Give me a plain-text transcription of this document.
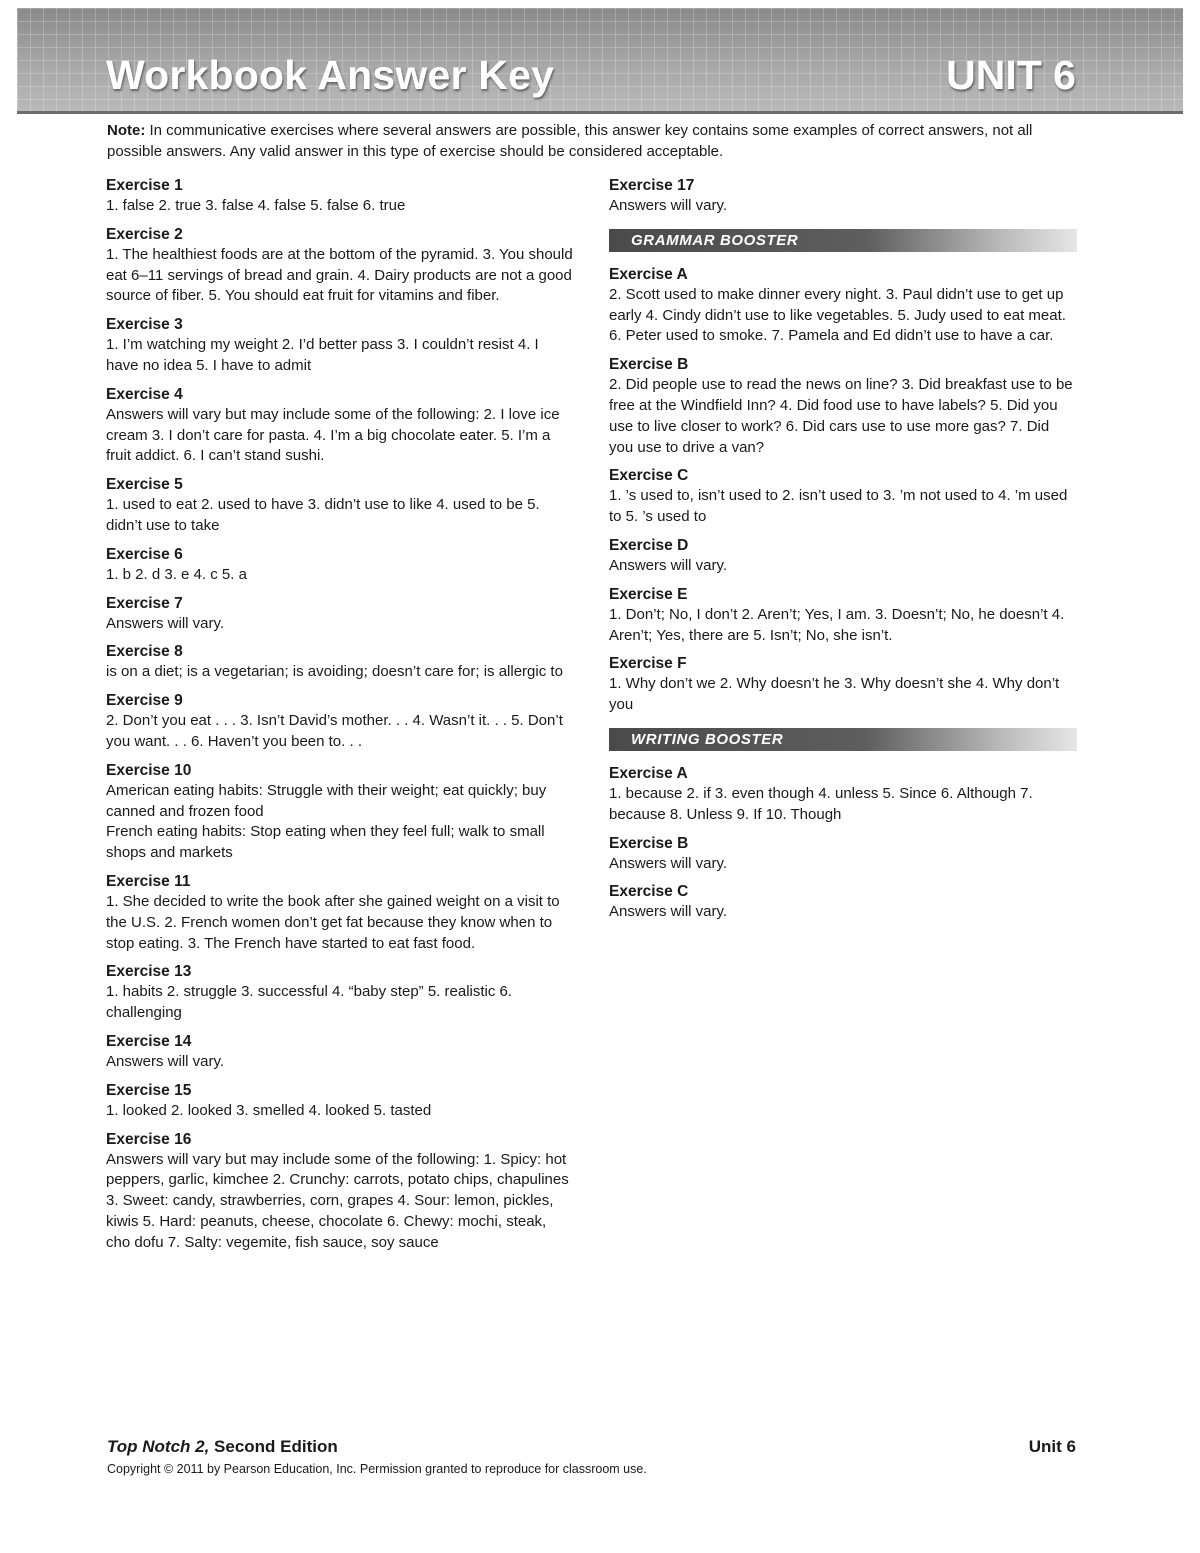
Workbook Answer Key	UNIT 6
Note: In communicative exercises where several answers are possible, this answer key contains some examples of correct answers, not all possible answers. Any valid answer in this type of exercise should be considered acceptable.
Exercise 1
1. false 2. true 3. false 4. false 5. false 6. true
Exercise 2
1. The healthiest foods are at the bottom of the pyramid. 3. You should eat 6–11 servings of bread and grain. 4. Dairy products are not a good source of fiber. 5. You should eat fruit for vitamins and fiber.
Exercise 3
1. I’m watching my weight 2. I’d better pass 3. I couldn’t resist 4. I have no idea 5. I have to admit
Exercise 4
Answers will vary but may include some of the following: 2. I love ice cream 3. I don’t care for pasta. 4. I’m a big chocolate eater. 5. I’m a fruit addict. 6. I can’t stand sushi.
Exercise 5
1. used to eat 2. used to have 3. didn’t use to like 4. used to be 5. didn’t use to take
Exercise 6
1. b 2. d 3. e 4. c 5. a
Exercise 7
Answers will vary.
Exercise 8
is on a diet; is a vegetarian; is avoiding; doesn’t care for; is allergic to
Exercise 9
2. Don’t you eat . . . 3. Isn’t David’s mother. . . 4. Wasn’t it. . . 5. Don’t you want. . . 6. Haven’t you been to. . .
Exercise 10
American eating habits: Struggle with their weight; eat quickly; buy canned and frozen food
French eating habits: Stop eating when they feel full; walk to small shops and markets
Exercise 11
1. She decided to write the book after she gained weight on a visit to the U.S. 2. French women don’t get fat because they know when to stop eating. 3. The French have started to eat fast food.
Exercise 13
1. habits 2. struggle 3. successful 4. “baby step” 5. realistic 6. challenging
Exercise 14
Answers will vary.
Exercise 15
1. looked 2. looked 3. smelled 4. looked 5. tasted
Exercise 16
Answers will vary but may include some of the following: 1. Spicy: hot peppers, garlic, kimchee 2. Crunchy: carrots, potato chips, chapulines 3. Sweet: candy, strawberries, corn, grapes 4. Sour: lemon, pickles, kiwis 5. Hard: peanuts, cheese, chocolate 6. Chewy: mochi, steak, cho dofu 7. Salty: vegemite, fish sauce, soy sauce
Exercise 17
Answers will vary.
GRAMMAR BOOSTER
Exercise A
2. Scott used to make dinner every night. 3. Paul didn’t use to get up early 4. Cindy didn’t use to like vegetables. 5. Judy used to eat meat. 6. Peter used to smoke. 7. Pamela and Ed didn’t use to have a car.
Exercise B
2. Did people use to read the news on line? 3. Did breakfast use to be free at the Windfield Inn? 4. Did food use to have labels? 5. Did you use to live closer to work? 6. Did cars use to use more gas? 7. Did you use to drive a van?
Exercise C
1. ’s used to, isn’t used to 2. isn’t used to 3. ’m not used to 4. ’m used to 5. ’s used to
Exercise D
Answers will vary.
Exercise E
1. Don’t; No, I don’t 2. Aren’t; Yes, I am. 3. Doesn’t; No, he doesn’t 4. Aren’t; Yes, there are 5. Isn’t; No, she isn’t.
Exercise F
1. Why don’t we 2. Why doesn’t he 3. Why doesn’t she 4. Why don’t you
WRITING BOOSTER
Exercise A
1. because 2. if 3. even though 4. unless 5. Since 6. Although 7. because 8. Unless 9. If 10. Though
Exercise B
Answers will vary.
Exercise C
Answers will vary.
Top Notch 2, Second Edition	Unit 6
Copyright © 2011 by Pearson Education, Inc. Permission granted to reproduce for classroom use.
